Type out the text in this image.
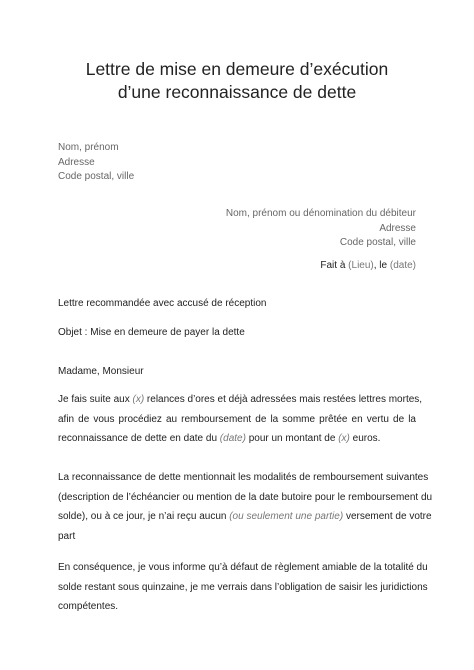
Lettre de mise en demeure d’exécution
d’une reconnaissance de dette
Nom, prénom
Adresse
Code postal, ville
Nom, prénom ou dénomination du débiteur
Adresse
Code postal, ville
Fait à (Lieu), le (date)
Lettre recommandée avec accusé de réception
Objet : Mise en demeure de payer la dette
Madame, Monsieur
Je fais suite aux (x) relances d’ores et déjà adressées mais restées lettres mortes,
afin de vous procédiez au remboursement de la somme prêtée en vertu de la
reconnaissance de dette en date du (date) pour un montant de (x) euros.
La reconnaissance de dette mentionnait les modalités de remboursement suivantes
(description de l’échéancier ou mention de la date butoire pour le remboursement du
solde), ou à ce jour, je n’ai reçu aucun (ou seulement une partie) versement de votre
part
En conséquence, je vous informe qu’à défaut de règlement amiable de la totalité du
solde restant sous quinzaine, je me verrais dans l’obligation de saisir les juridictions
compétentes.
